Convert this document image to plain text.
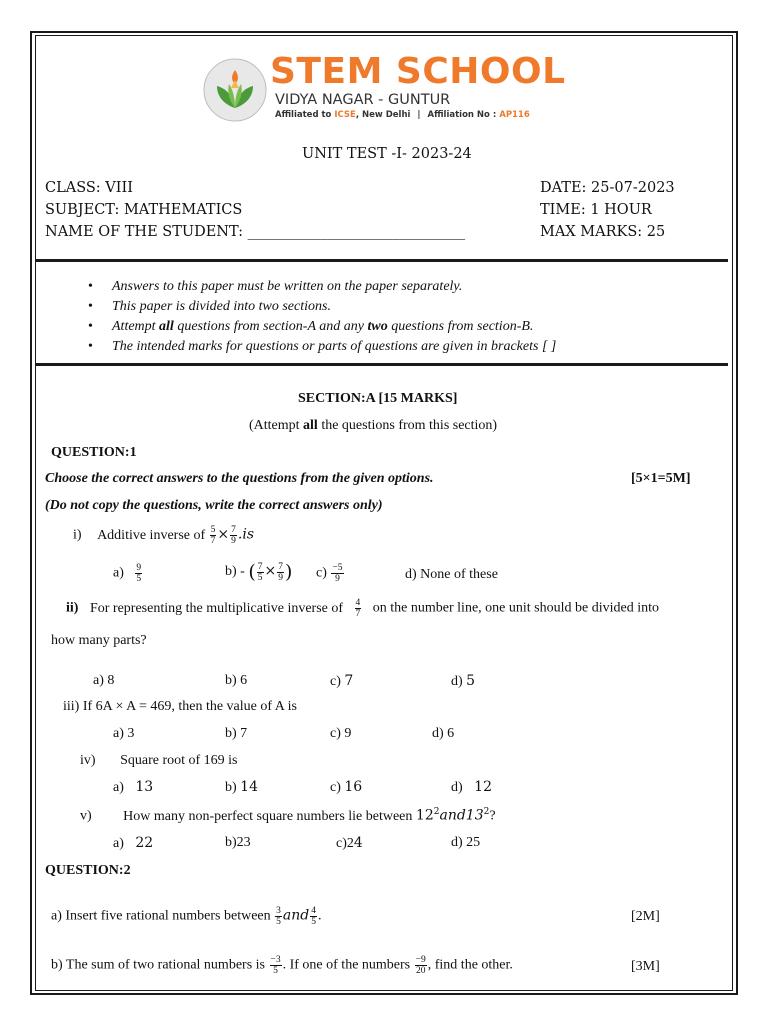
STEM SCHOOL
VIDYA NAGAR - GUNTUR
Affiliated to ICSE, New Delhi | Affiliation No : AP116
UNIT TEST -I- 2023-24
CLASS: VIII
SUBJECT: MATHEMATICS
NAME OF THE STUDENT: ______________________________
DATE: 25-07-2023
TIME: 1 HOUR
MAX MARKS: 25
• Answers to this paper must be written on the paper separately.
• This paper is divided into two sections.
• Attempt all questions from section-A and any two questions from section-B.
• The intended marks for questions or parts of questions are given in brackets [ ]
SECTION:A [15 MARKS]
(Attempt all the questions from this section)
QUESTION:1
Choose the correct answers to the questions from the given options.	[5×1=5M]
(Do not copy the questions, write the correct answers only)
i) Additive inverse of $\frac{5}{7} \times \frac{7}{9} .is$
$a) \frac{9}{5}$	b) - ( $\frac{7}{5} \times \frac{7}{9}$ ) $c) \frac{-5}{9}$	d) None of these
ii) For representing the multiplicative inverse of $\frac{4}{7}$ on the number line, one unit should be divided into
how many parts?
a) 8	b) 6	c) 7	d) 5
iii) If 6A × A = 469, then the value of A is
a) 3	b) 7	c) 9	d) 6
iv) Square root of 169 is
a) 13	b) 14	c) 16	d) 12
v) How many non-perfect square numbers lie between $12^2and13^2$?
a) 22	b)23	c)24	d) 25
QUESTION:2
a) Insert five rational numbers between $\frac{3}{5}$ and $\frac{4}{5}$ .	[2M]
b) The sum of two rational numbers is $\frac{-3}{5}$ . If one of the numbers $\frac{-9}{20}$ , find the other.	[3M]
